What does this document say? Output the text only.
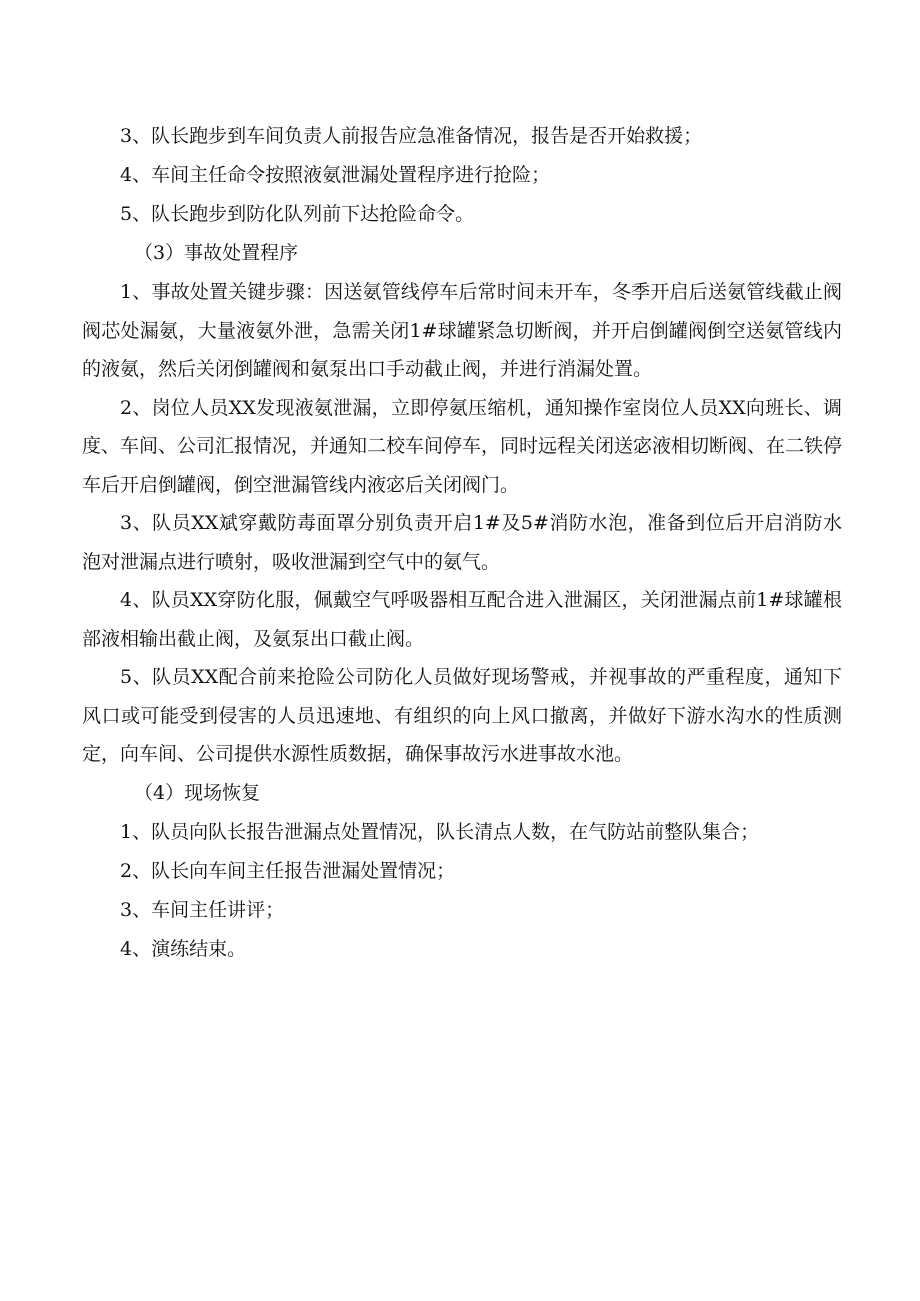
3、队长跑步到车间负责人前报告应急准备情况，报告是否开始救援；

4、车间主任命令按照液氨泄漏处置程序进行抢险；

5、队长跑步到防化队列前下达抢险命令。

（3）事故处置程序

1、事故处置关键步骤：因送氨管线停车后常时间未开车，冬季开启后送氨管线截止阀阀芯处漏氨，大量液氨外泄，急需关闭1#球罐紧急切断阀，并开启倒罐阀倒空送氨管线内的液氨，然后关闭倒罐阀和氨泵出口手动截止阀，并进行消漏处置。

2、岗位人员XX发现液氨泄漏，立即停氨压缩机，通知操作室岗位人员XX向班长、调度、车间、公司汇报情况，并通知二校车间停车，同时远程关闭送宓液相切断阀、在二铁停车后开启倒罐阀，倒空泄漏管线内液宓后关闭阀门。

3、队员XX斌穿戴防毒面罩分别负责开启1#及5#消防水泡，准备到位后开启消防水泡对泄漏点进行喷射，吸收泄漏到空气中的氨气。

4、队员XX穿防化服，佩戴空气呼吸器相互配合进入泄漏区，关闭泄漏点前1#球罐根部液相输出截止阀，及氨泵出口截止阀。

5、队员XX配合前来抢险公司防化人员做好现场警戒，并视事故的严重程度，通知下风口或可能受到侵害的人员迅速地、有组织的向上风口撤离，并做好下游水沟水的性质测定，向车间、公司提供水源性质数据，确保事故污水进事故水池。

（4）现场恢复

1、队员向队长报告泄漏点处置情况，队长清点人数，在气防站前整队集合；

2、队长向车间主任报告泄漏处置情况；

3、车间主任讲评；

4、演练结束。
